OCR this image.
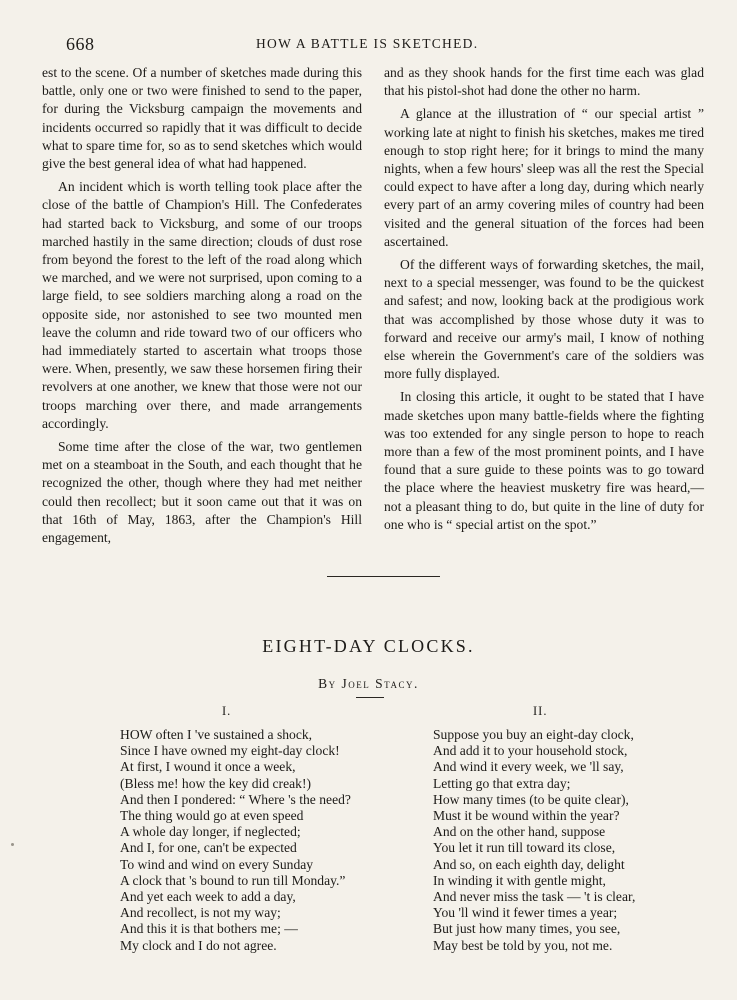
668	HOW A BATTLE IS SKETCHED.

est to the scene. Of a number of sketches made during this battle, only one or two were finished to send to the paper, for during the Vicksburg campaign the movements and incidents occurred so rapidly that it was difficult to decide what to spare time for, so as to send sketches which would give the best general idea of what had happened.

An incident which is worth telling took place after the close of the battle of Champion's Hill. The Confederates had started back to Vicksburg, and some of our troops marched hastily in the same direction; clouds of dust rose from beyond the forest to the left of the road along which we marched, and we were not surprised, upon coming to a large field, to see soldiers marching along a road on the opposite side, nor astonished to see two mounted men leave the column and ride toward two of our officers who had immediately started to ascertain what troops those were. When, presently, we saw these horsemen firing their revolvers at one another, we knew that those were not our troops marching over there, and made arrangements accordingly.

Some time after the close of the war, two gentlemen met on a steamboat in the South, and each thought that he recognized the other, though where they had met neither could then recollect; but it soon came out that it was on that 16th of May, 1863, after the Champion's Hill engagement,

and as they shook hands for the first time each was glad that his pistol-shot had done the other no harm.

A glance at the illustration of “ our special artist ” working late at night to finish his sketches, makes me tired enough to stop right here; for it brings to mind the many nights, when a few hours' sleep was all the rest the Special could expect to have after a long day, during which nearly every part of an army covering miles of country had been visited and the general situation of the forces had been ascertained.

Of the different ways of forwarding sketches, the mail, next to a special messenger, was found to be the quickest and safest; and now, looking back at the prodigious work that was accomplished by those whose duty it was to forward and receive our army's mail, I know of nothing else wherein the Government's care of the soldiers was more fully displayed.

In closing this article, it ought to be stated that I have made sketches upon many battle-fields where the fighting was too extended for any single person to hope to reach more than a few of the most prominent points, and I have found that a sure guide to these points was to go toward the place where the heaviest musketry fire was heard,— not a pleasant thing to do, but quite in the line of duty for one who is “ special artist on the spot.”

EIGHT-DAY CLOCKS.
By Joel Stacy.
I.	II.
HOW often I 've sustained a shock,
Since I have owned my eight-day clock!
At first, I wound it once a week,
(Bless me! how the key did creak!)
And then I pondered: “ Where 's the need?
The thing would go at even speed
A whole day longer, if neglected;
And I, for one, can't be expected
To wind and wind on every Sunday
A clock that 's bound to run till Monday.”
And yet each week to add a day,
And recollect, is not my way;
And this it is that bothers me; —
My clock and I do not agree.
Suppose you buy an eight-day clock,
And add it to your household stock,
And wind it every week, we 'll say,
Letting go that extra day;
How many times (to be quite clear),
Must it be wound within the year?
And on the other hand, suppose
You let it run till toward its close,
And so, on each eighth day, delight
In winding it with gentle might,
And never miss the task — 't is clear,
You 'll wind it fewer times a year;
But just how many times, you see,
May best be told by you, not me.
